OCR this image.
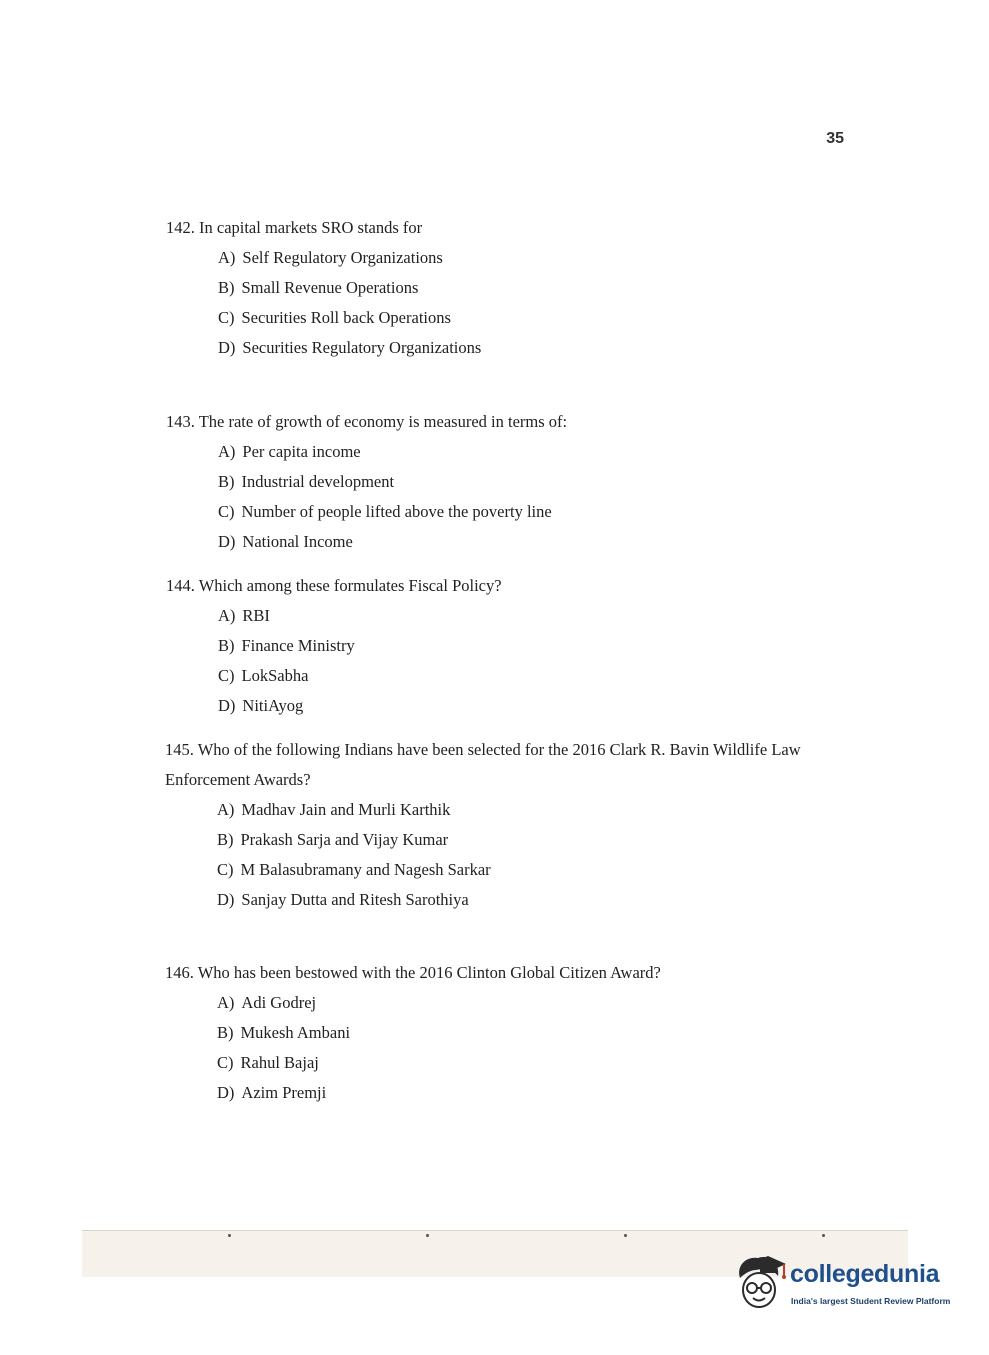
35

142. In capital markets SRO stands for

A) Self Regulatory Organizations
B) Small Revenue Operations
C) Securities Roll back Operations
D) Securities Regulatory Organizations

143. The rate of growth of economy is measured in terms of:

A) Per capita income
B) Industrial development
C) Number of people lifted above the poverty line
D) National Income

144. Which among these formulates Fiscal Policy?

A) RBI
B) Finance Ministry
C) LokSabha
D) NitiAyog

145. Who of the following Indians have been selected for the 2016 Clark R. Bavin Wildlife Law

Enforcement Awards?

A) Madhav Jain and Murli Karthik
B) Prakash Sarja and Vijay Kumar
C) M Balasubramany and Nagesh Sarkar
D) Sanjay Dutta and Ritesh Sarothiya

146. Who has been bestowed with the 2016 Clinton Global Citizen Award?

A) Adi Godrej
B) Mukesh Ambani
C) Rahul Bajaj
D) Azim Premji
collegedunia
India's largest Student Review Platform
